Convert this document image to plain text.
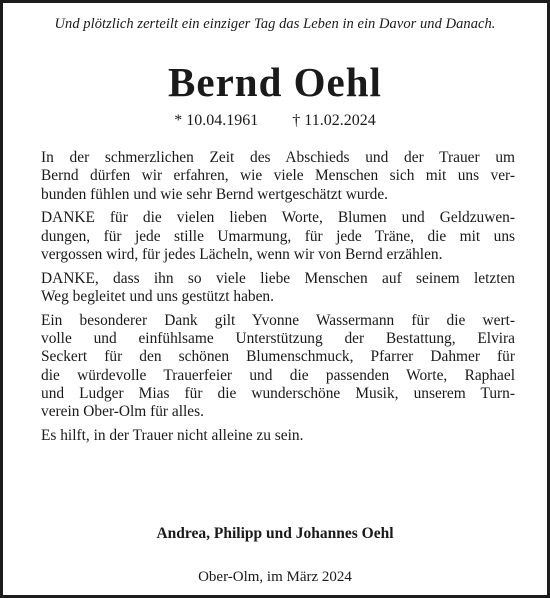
Und plötzlich zerteilt ein einziger Tag das Leben in ein Davor und Danach.
Bernd Oehl
* 10.04.1961 † 11.02.2024

In der schmerzlichen Zeit des Abschieds und der Trauer um
Bernd dürfen wir erfahren, wie viele Menschen sich mit uns ver-
bunden fühlen und wie sehr Bernd wertgeschätzt wurde.

DANKE für die vielen lieben Worte, Blumen und Geldzuwen-
dungen, für jede stille Umarmung, für jede Träne, die mit uns
vergossen wird, für jedes Lächeln, wenn wir von Bernd erzählen.

DANKE, dass ihn so viele liebe Menschen auf seinem letzten
Weg begleitet und uns gestützt haben.

Ein besonderer Dank gilt Yvonne Wassermann für die wert-
volle und einfühlsame Unterstützung der Bestattung, Elvira
Seckert für den schönen Blumenschmuck, Pfarrer Dahmer für
die würdevolle Trauerfeier und die passenden Worte, Raphael
und Ludger Mias für die wunderschöne Musik, unserem Turn-
verein Ober-Olm für alles.

Es hilft, in der Trauer nicht alleine zu sein.

Andrea, Philipp und Johannes Oehl
Ober-Olm, im März 2024
